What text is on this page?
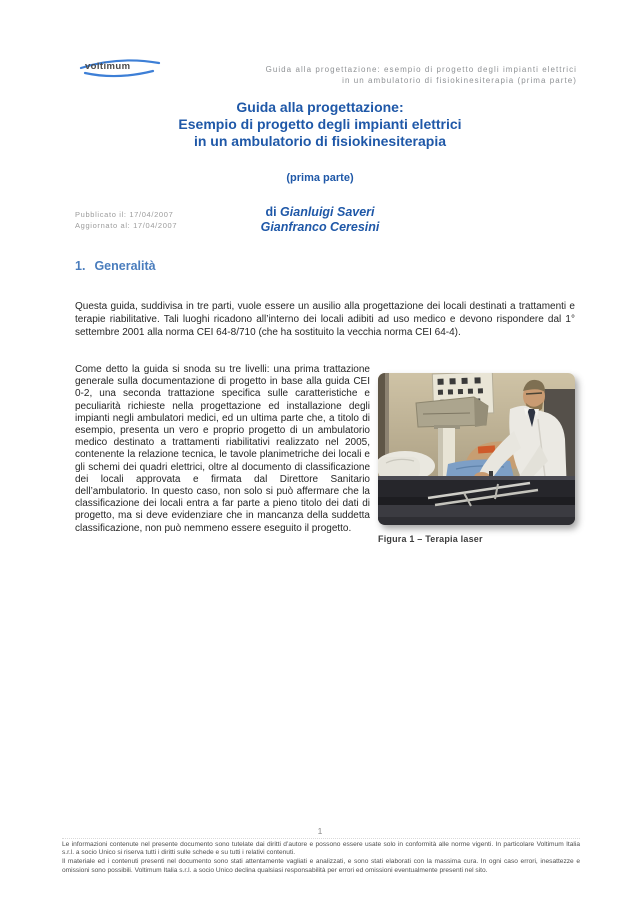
voltimum	Guida alla progettazione: esempio di progetto degli impianti elettrici
in un ambulatorio di fisiokinesiterapia (prima parte)
Guida alla progettazione:
Esempio di progetto degli impianti elettrici
in un ambulatorio di fisiokinesiterapia
(prima parte)
Pubblicato il: 17/04/2007
Aggiornato al: 17/04/2007
di Gianluigi Saveri
Gianfranco Ceresini
1. Generalità

Questa guida, suddivisa in tre parti, vuole essere un ausilio alla progettazione dei locali destinati a trattamenti e terapie riabilitative. Tali luoghi ricadono all’interno dei locali adibiti ad uso medico e devono rispondere dal 1° settembre 2001 alla norma CEI 64-8/710 (che ha sostituito la vecchia norma CEI 64-4).

Come detto la guida si snoda su tre livelli: una prima trattazione generale sulla documentazione di progetto in base alla guida CEI 0-2, una seconda trattazione specifica sulle caratteristiche e peculiarità richieste nella progettazione ed installazione degli impianti negli ambulatori medici, ed un ultima parte che, a titolo di esempio, presenta un vero e proprio progetto di un ambulatorio medico destinato a trattamenti riabilitativi realizzato nel 2005, contenente la relazione tecnica, le tavole planimetriche dei locali e gli schemi dei quadri elettrici, oltre al documento di classificazione dei locali approvata e firmata dal Direttore Sanitario dell’ambulatorio. In questo caso, non solo si può affermare che la classificazione dei locali entra a far parte a pieno titolo dei dati di progetto, ma si deve evidenziare che in mancanza della suddetta classificazione, non può nemmeno essere eseguito il progetto.

Figura 1 – Terapia laser
1

Le informazioni contenute nel presente documento sono tutelate dai diritti d’autore e possono essere usate solo in conformità alle norme vigenti. In particolare Voltimum Italia s.r.l. a socio Unico si riserva tutti i diritti sulle schede e su tutti i relativi contenuti.

Il materiale ed i contenuti presenti nel documento sono stati attentamente vagliati e analizzati, e sono stati elaborati con la massima cura. In ogni caso errori, inesattezze e omissioni sono possibili. Voltimum Italia s.r.l. a socio Unico declina qualsiasi responsabilità per errori ed omissioni eventualmente presenti nel sito.
